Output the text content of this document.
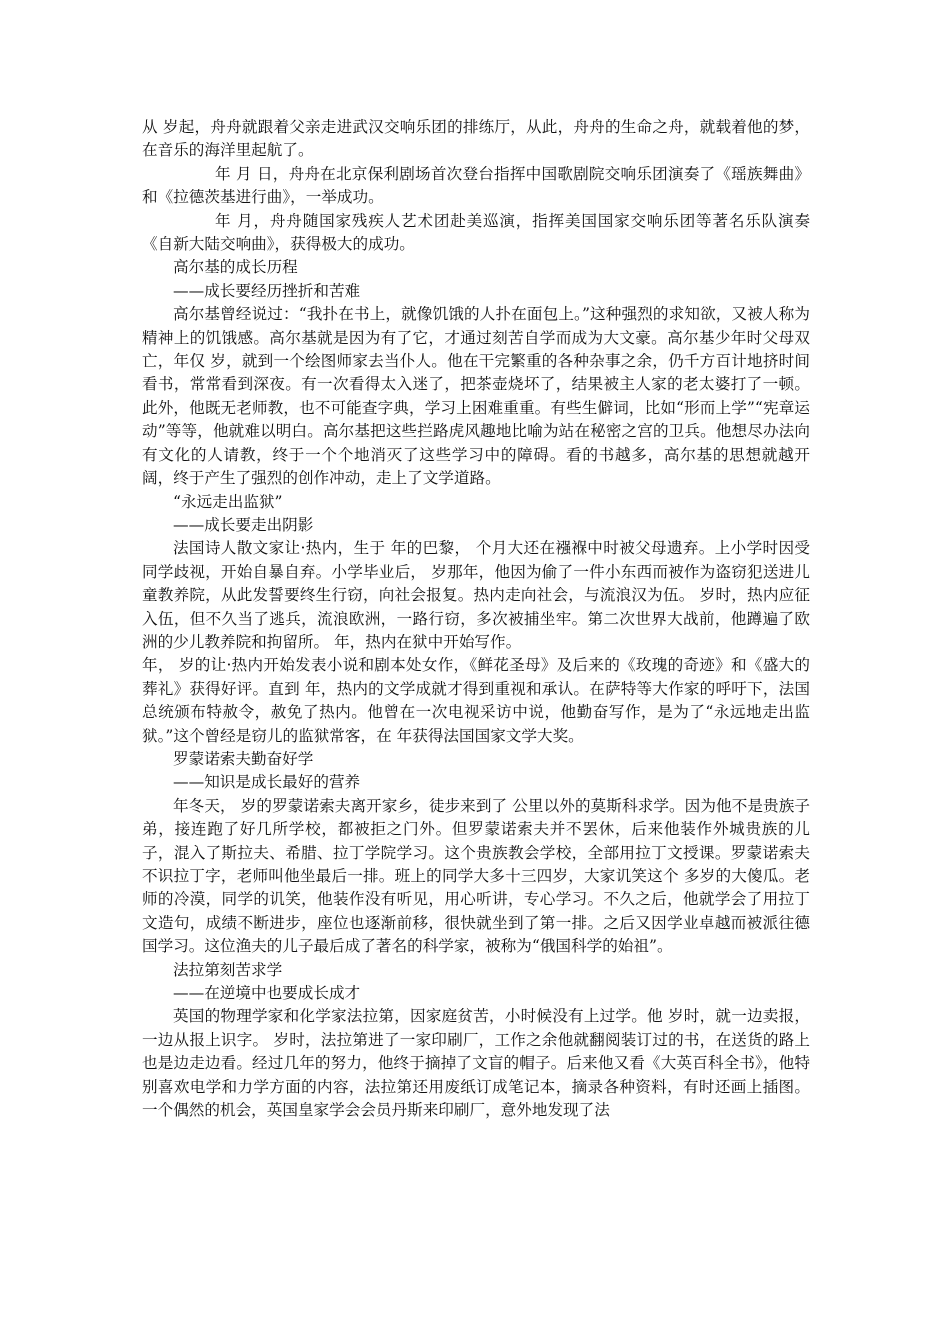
从 岁起，舟舟就跟着父亲走进武汉交响乐团的排练厅，从此，舟舟的生命之舟，就载着他的梦，在音乐的海洋里起航了。

年 月 日，舟舟在北京保利剧场首次登台指挥中国歌剧院交响乐团演奏了《瑶族舞曲》和《拉德茨基进行曲》，一举成功。

年 月，舟舟随国家残疾人艺术团赴美巡演，指挥美国国家交响乐团等著名乐队演奏《自新大陆交响曲》，获得极大的成功。

高尔基的成长历程

——成长要经历挫折和苦难

高尔基曾经说过：“我扑在书上，就像饥饿的人扑在面包上。”这种强烈的求知欲，又被人称为精神上的饥饿感。高尔基就是因为有了它，才通过刻苦自学而成为大文豪。高尔基少年时父母双亡，年仅 岁，就到一个绘图师家去当仆人。他在干完繁重的各种杂事之余，仍千方百计地挤时间看书，常常看到深夜。有一次看得太入迷了，把茶壶烧坏了，结果被主人家的老太婆打了一顿。此外，他既无老师教，也不可能查字典，学习上困难重重。有些生僻词，比如“形而上学”“宪章运动”等等，他就难以明白。高尔基把这些拦路虎风趣地比喻为站在秘密之宫的卫兵。他想尽办法向有文化的人请教，终于一个个地消灭了这些学习中的障碍。看的书越多，高尔基的思想就越开阔，终于产生了强烈的创作冲动，走上了文学道路。

“永远走出监狱”

——成长要走出阴影

法国诗人散文家让·热内，生于 年的巴黎， 个月大还在襁褓中时被父母遗弃。上小学时因受同学歧视，开始自暴自弃。小学毕业后， 岁那年，他因为偷了一件小东西而被作为盗窃犯送进儿童教养院，从此发誓要终生行窃，向社会报复。热内走向社会，与流浪汉为伍。 岁时，热内应征入伍，但不久当了逃兵，流浪欧洲，一路行窃，多次被捕坐牢。第二次世界大战前，他蹲遍了欧洲的少儿教养院和拘留所。 年，热内在狱中开始写作。

年， 岁的让·热内开始发表小说和剧本处女作，《鲜花圣母》及后来的《玫瑰的奇迹》和《盛大的葬礼》获得好评。直到 年，热内的文学成就才得到重视和承认。在萨特等大作家的呼吁下，法国总统颁布特赦令，赦免了热内。他曾在一次电视采访中说，他勤奋写作，是为了“永远地走出监狱。”这个曾经是窃儿的监狱常客，在 年获得法国国家文学大奖。

罗蒙诺索夫勤奋好学

——知识是成长最好的营养

年冬天， 岁的罗蒙诺索夫离开家乡，徒步来到了 公里以外的莫斯科求学。因为他不是贵族子弟，接连跑了好几所学校，都被拒之门外。但罗蒙诺索夫并不罢休，后来他装作外城贵族的儿子，混入了斯拉夫、希腊、拉丁学院学习。这个贵族教会学校，全部用拉丁文授课。罗蒙诺索夫不识拉丁字，老师叫他坐最后一排。班上的同学大多十三四岁，大家讥笑这个 多岁的大傻瓜。老师的冷漠，同学的讥笑，他装作没有听见，用心听讲，专心学习。不久之后，他就学会了用拉丁文造句，成绩不断进步，座位也逐渐前移，很快就坐到了第一排。之后又因学业卓越而被派往德国学习。这位渔夫的儿子最后成了著名的科学家，被称为“俄国科学的始祖”。

法拉第刻苦求学

——在逆境中也要成长成才

英国的物理学家和化学家法拉第，因家庭贫苦，小时候没有上过学。他 岁时，就一边卖报，一边从报上识字。 岁时，法拉第进了一家印刷厂，工作之余他就翻阅装订过的书，在送货的路上也是边走边看。经过几年的努力，他终于摘掉了文盲的帽子。后来他又看《大英百科全书》，他特别喜欢电学和力学方面的内容，法拉第还用废纸订成笔记本，摘录各种资料，有时还画上插图。一个偶然的机会，英国皇家学会会员丹斯来印刷厂，意外地发现了法
